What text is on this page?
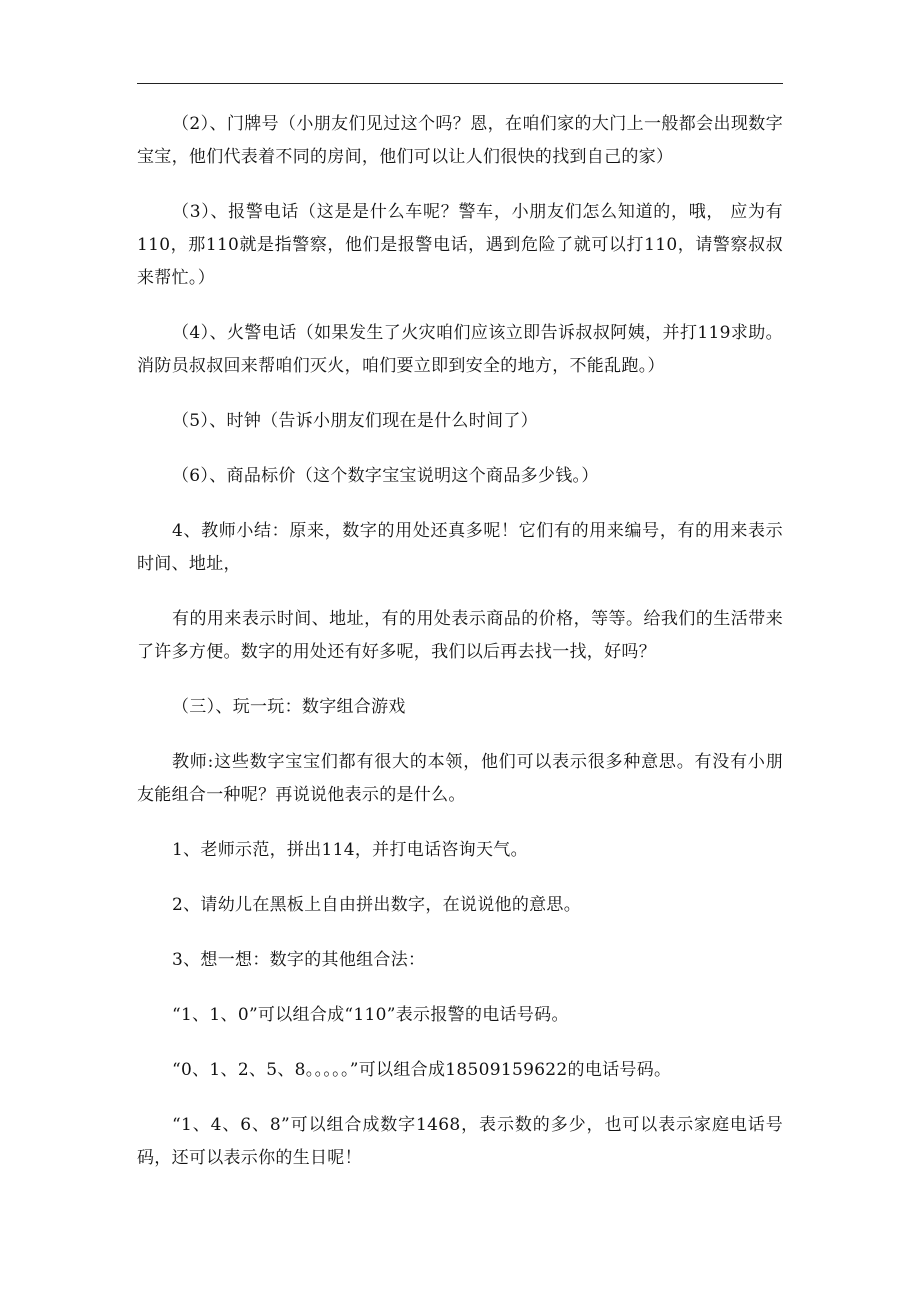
（2）、门牌号（小朋友们见过这个吗？恩，在咱们家的大门上一般都会出现数字宝宝，他们代表着不同的房间，他们可以让人们很快的找到自己的家）

（3）、报警电话（这是是什么车呢？警车，小朋友们怎么知道的，哦， 应为有110，那110就是指警察，他们是报警电话，遇到危险了就可以打110，请警察叔叔来帮忙。）

（4）、火警电话（如果发生了火灾咱们应该立即告诉叔叔阿姨，并打119求助。消防员叔叔回来帮咱们灭火，咱们要立即到安全的地方，不能乱跑。）

（5）、时钟（告诉小朋友们现在是什么时间了）

（6）、商品标价（这个数字宝宝说明这个商品多少钱。）

4、教师小结：原来，数字的用处还真多呢！它们有的用来编号，有的用来表示时间、地址，

有的用来表示时间、地址，有的用处表示商品的价格，等等。给我们的生活带来了许多方便。数字的用处还有好多呢，我们以后再去找一找，好吗？

（三）、玩一玩：数字组合游戏

教师:这些数字宝宝们都有很大的本领，他们可以表示很多种意思。有没有小朋友能组合一种呢？再说说他表示的是什么。

1、老师示范，拼出114，并打电话咨询天气。

2、请幼儿在黑板上自由拼出数字，在说说他的意思。

3、想一想：数字的其他组合法：

“1、1、0”可以组合成“110”表示报警的电话号码。

“0、1、2、5、8。。。。。”可以组合成18509159622的电话号码。

“1、4、6、8”可以组合成数字1468，表示数的多少，也可以表示家庭电话号码，还可以表示你的生日呢！
